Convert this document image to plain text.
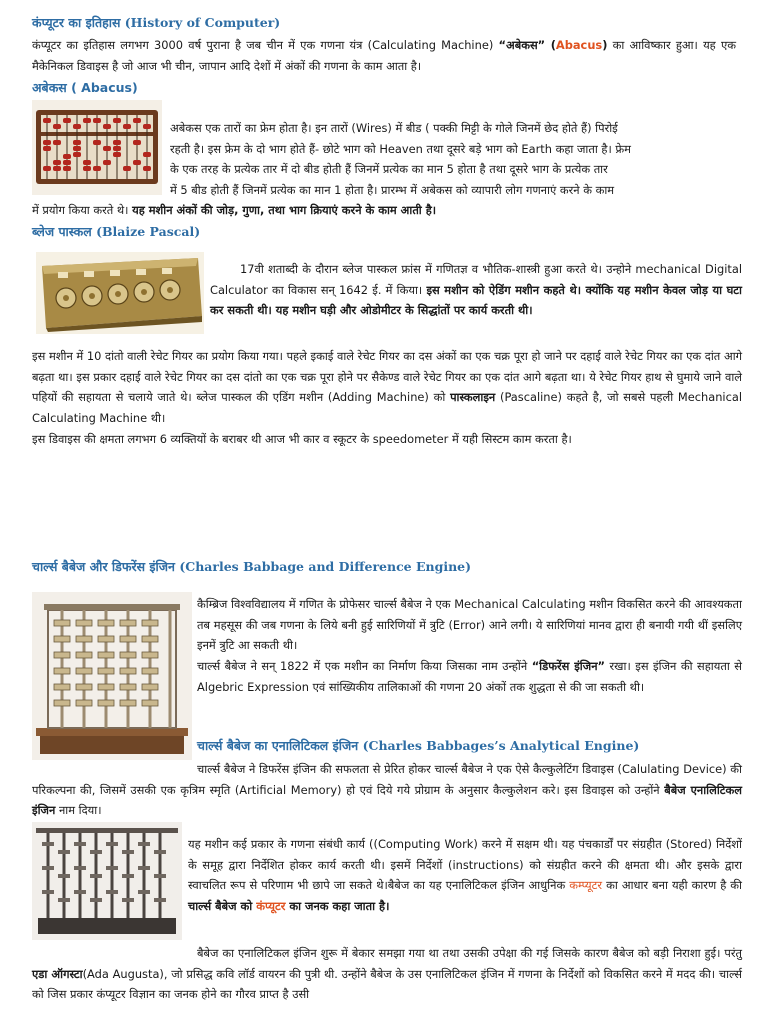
कंप्यूटर का इतिहास (History of Computer)

कंप्यूटर का इतिहास लगभग 3000 वर्ष पुराना है जब चीन में एक गणना यंत्र (Calculating Machine) “अबेकस” (Abacus) का आविष्कार हुआ। यह एक मैकेनिकल डिवाइस है जो आज भी चीन, जापान आदि देशों में अंकों की गणना के काम आता है।

अबेकस ( Abacus)
अबेकस एक तारों का फ्रेम होता है। इन तारों (Wires) में बीड ( पक्की मिट्टी के गोले जिनमें छेद होते हैं) पिरोई
रहती है। इस फ्रेम के दो भाग होते हैं- छोटे भाग को Heaven तथा दूसरे बड़े भाग को Earth कहा जाता है। फ्रेम
के एक तरह के प्रत्येक तार में दो बीड होती हैं जिनमें प्रत्येक का मान 5 होता है तथा दूसरे भाग के प्रत्येक तार
में 5 बीड होती हैं जिनमें प्रत्येक का मान 1 होता है। प्रारम्भ में अबेकस को व्यापारी लोग गणनाएं करने के काम

में प्रयोग किया करते थे। यह मशीन अंकों की जोड़, गुणा, तथा भाग क्रियाएं करने के काम आती है।

ब्लेज पास्कल (Blaize Pascal)
17वी शताब्दी के दौरान ब्लेज पास्कल फ्रांस में गणितज्ञ व भौतिक-शास्त्री हुआ करते थे। उन्होने mechanical Digital Calculator का विकास सन् 1642 ई. में किया। इस मशीन को ऐडिंग मशीन कहते थे। क्योंकि यह मशीन केवल जोड़ या घटा कर सकती थी। यह मशीन घड़ी और ओडोमीटर के सिद्धांतों पर कार्य करती थी।

इस मशीन में 10 दांतो वाली रेचेट गियर का प्रयोग किया गया। पहले इकाई वाले रेचेट गियर का दस अंकों का एक चक्र पूरा हो जाने पर दहाई वाले रेचेट गियर का एक दांत आगे बढ़ता था। इस प्रकार दहाई वाले रेचेट गियर का दस दांतो का एक चक्र पूरा होने पर सैकेण्ड वाले रेचेट गियर का एक दांत आगे बढ़ता था। ये रेचेट गियर हाथ से घुमाये जाने वाले पहियों की सहायता से चलाये जाते थे। ब्लेज पास्कल की एडिंग मशीन (Adding Machine) को पास्कलाइन (Pascaline) कहते है, जो सबसे पहली Mechanical Calculating Machine थी।

इस डिवाइस की क्षमता लगभग 6 व्यक्तियों के बराबर थी आज भी कार व स्कूटर के speedometer में यही सिस्टम काम करता है।

चार्ल्स बैबेज और डिफरेंस इंजिन (Charles Babbage and Difference Engine)

कैम्ब्रिज विश्वविद्यालय में गणित के प्रोफेसर चार्ल्स बैबेज ने एक Mechanical Calculating मशीन विकसित करने की आवश्यकता तब महसूस की जब गणना के लिये बनी हुई सारिणियों में त्रुटि (Error) आने लगी। ये सारिणियां मानव द्वारा ही बनायी गयी थीं इसलिए इनमें त्रुटि आ सकती थी।

चार्ल्स बैबेज ने सन् 1822 में एक मशीन का निर्माण किया जिसका नाम उन्होंने “डिफरेंस इंजिन” रखा। इस इंजिन की सहायता से Algebric Expression एवं सांख्यिकीय तालिकाओं की गणना 20 अंकों तक शुद्धता से की जा सकती थी।

चार्ल्स बैबेज का एनालिटिकल इंजिन (Charles Babbages’s Analytical Engine)

चार्ल्स बैबेज ने डिफरेंस इंजिन की सफलता से प्रेरित होकर चार्ल्स बैबेज ने एक ऐसे कैल्कुलेटिंग डिवाइस (Calulating Device) की परिकल्पना की, जिसमें उसकी एक कृत्रिम स्मृति (Artificial Memory) हो एवं दिये गये प्रोग्राम के अनुसार कैल्कुलेशन करे। इस डिवाइस को उन्होंने बैबेज एनालिटिकल इंजिन नाम दिया।

यह मशीन कई प्रकार के गणना संबंधी कार्य ((Computing Work) करने में सक्षम थी। यह पंचकार्डों पर संग्रहीत (Stored) निर्देशों के समूह द्वारा निर्देशित होकर कार्य करती थी। इसमें निर्देशों (instructions) को संग्रहीत करने की क्षमता थी। और इसके द्वारा स्वाचलित रूप से परिणाम भी छापे जा सकते थे।बैबेज का यह एनालिटिकल इंजिन आधुनिक कम्प्यूटर का आधार बना यही कारण है की चार्ल्स बैबेज को कंप्यूटर का जनक कहा जाता है।

बैबेज का एनालिटिकल इंजिन शुरू में बेकार समझा गया था तथा उसकी उपेक्षा की गई जिसके कारण बैबेज को बड़ी निराशा हुई। परंतु एडा ऑगस्टा(Ada Augusta), जो प्रसिद्ध कवि लॉर्ड वायरन की पुत्री थी. उन्होंने बैबेज के उस एनालिटिकल इंजिन में गणना के निर्देशों को विकसित करने में मदद की। चार्ल्स को जिस प्रकार कंप्यूटर विज्ञान का जनक होने का गौरव प्राप्त है उसी
